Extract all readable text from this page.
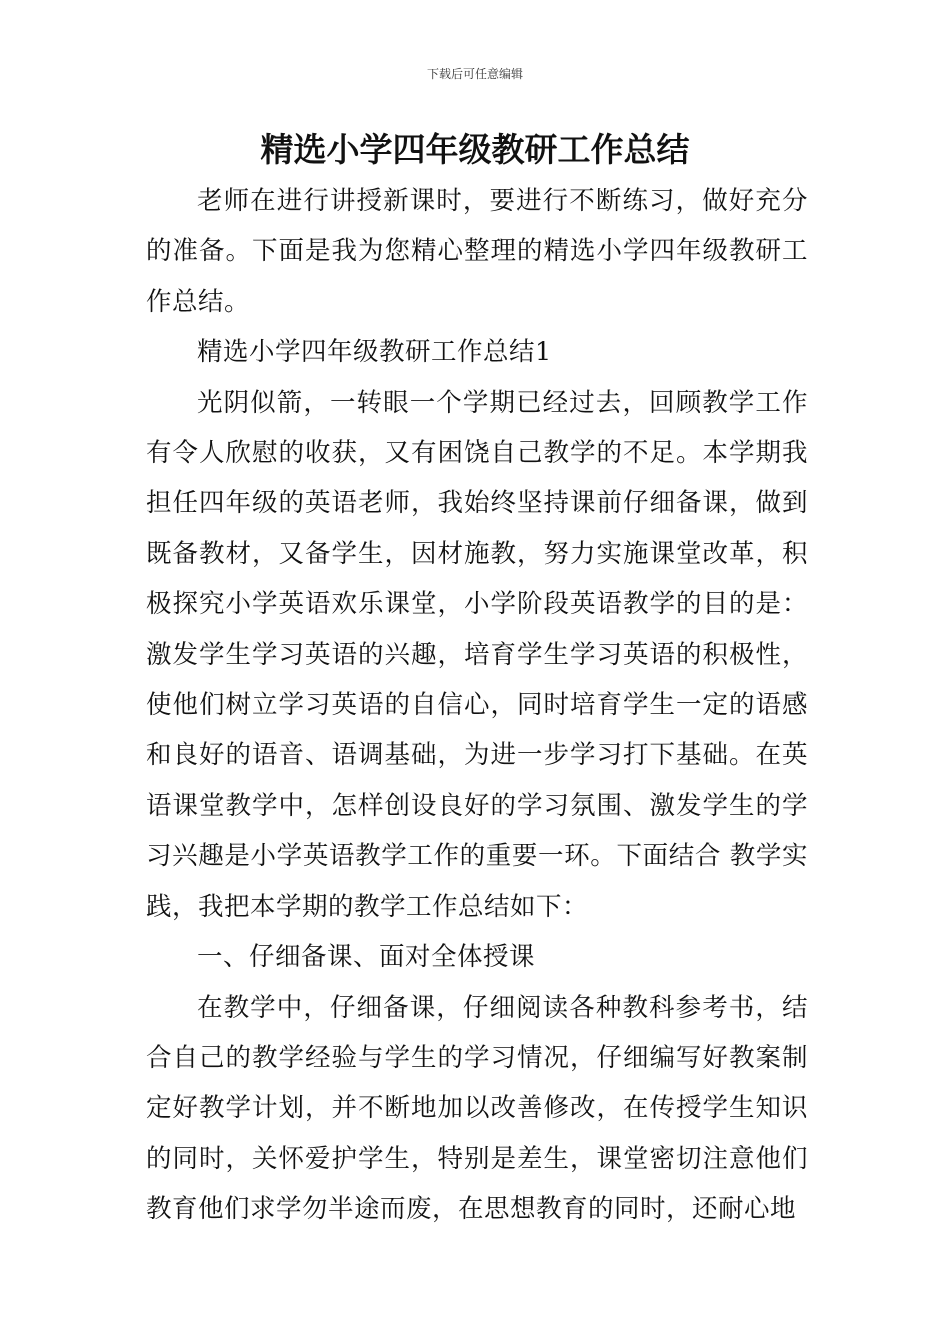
下载后可任意编辑
精选小学四年级教研工作总结

老师在进行讲授新课时，要进行不断练习，做好充分的准备。下面是我为您精心整理的精选小学四年级教研工作总结。

精选小学四年级教研工作总结1

光阴似箭，一转眼一个学期已经过去，回顾教学工作有令人欣慰的收获，又有困饶自己教学的不足。本学期我担任四年级的英语老师，我始终坚持课前仔细备课，做到既备教材，又备学生，因材施教，努力实施课堂改革，积极探究小学英语欢乐课堂，小学阶段英语教学的目的是：激发学生学习英语的兴趣，培育学生学习英语的积极性，使他们树立学习英语的自信心，同时培育学生一定的语感和良好的语音、语调基础，为进一步学习打下基础。在英语课堂教学中，怎样创设良好的学习氛围、激发学生的学习兴趣是小学英语教学工作的重要一环。下面结合 教学实践，我把本学期的教学工作总结如下：

一、仔细备课、面对全体授课

在教学中，仔细备课，仔细阅读各种教科参考书，结合自己的教学经验与学生的学习情况，仔细编写好教案制定好教学计划，并不断地加以改善修改，在传授学生知识的同时，关怀爱护学生，特别是差生，课堂密切注意他们教育他们求学勿半途而废，在思想教育的同时，还耐心地
